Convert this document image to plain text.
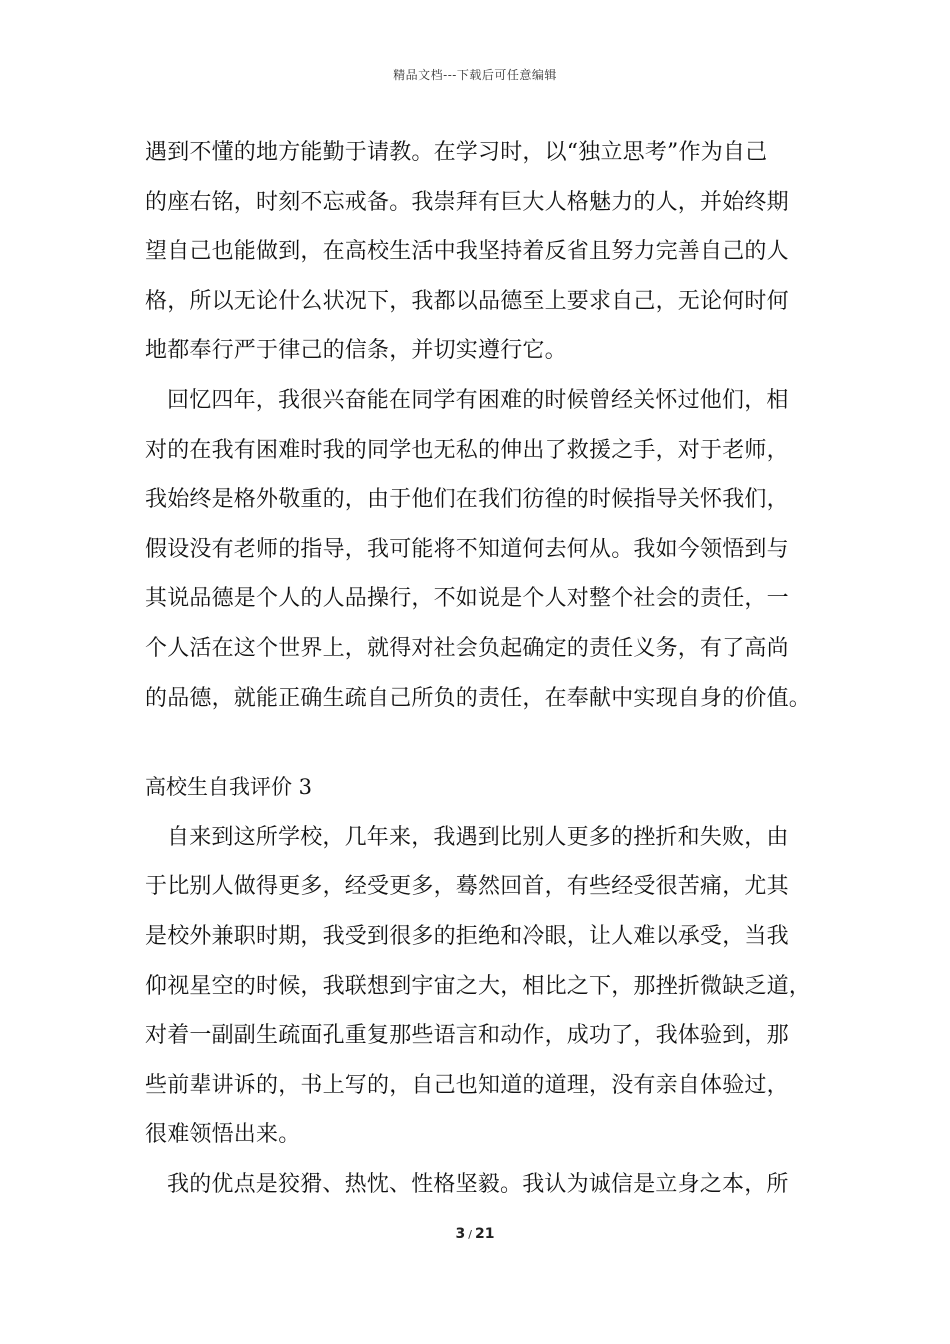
精品文档---下载后可任意编辑
遇到不懂的地方能勤于请教。在学习时，以“独立思考”作为自己
的座右铭，时刻不忘戒备。我崇拜有巨大人格魅力的人，并始终期
望自己也能做到，在高校生活中我坚持着反省且努力完善自己的人
格，所以无论什么状况下，我都以品德至上要求自己，无论何时何
地都奉行严于律己的信条，并切实遵行它。
回忆四年，我很兴奋能在同学有困难的时候曾经关怀过他们，相
对的在我有困难时我的同学也无私的伸出了救援之手，对于老师，
我始终是格外敬重的，由于他们在我们彷徨的时候指导关怀我们，
假设没有老师的指导，我可能将不知道何去何从。我如今领悟到与
其说品德是个人的人品操行，不如说是个人对整个社会的责任，一
个人活在这个世界上，就得对社会负起确定的责任义务，有了高尚
的品德，就能正确生疏自己所负的责任，在奉献中实现自身的价值。
高校生自我评价 3
自来到这所学校，几年来，我遇到比别人更多的挫折和失败，由
于比别人做得更多，经受更多，蓦然回首，有些经受很苦痛，尤其
是校外兼职时期，我受到很多的拒绝和冷眼，让人难以承受，当我
仰视星空的时候，我联想到宇宙之大，相比之下，那挫折微缺乏道，
对着一副副生疏面孔重复那些语言和动作，成功了，我体验到，那
些前辈讲诉的，书上写的，自己也知道的道理，没有亲自体验过，
很难领悟出来。
我的优点是狡猾、热忱、性格坚毅。我认为诚信是立身之本，所
3 / 21
